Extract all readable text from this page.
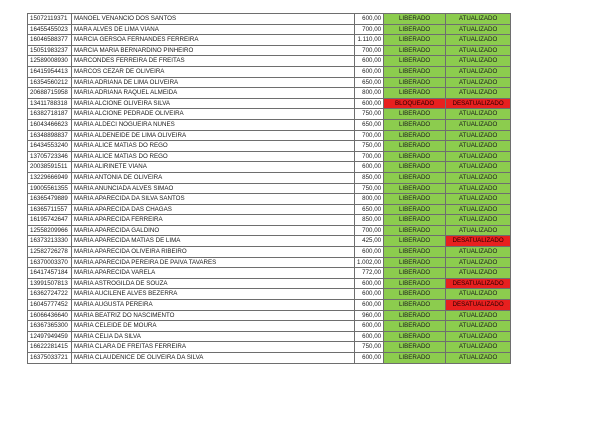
15072119371	MANOEL VENANCIO DOS SANTOS	600,00	LIBERADO	ATUALIZADO
16455455023	MARA ALVES DE LIMA VIANA	700,00	LIBERADO	ATUALIZADO
16046588377	MARCIA GERSOA FERNANDES FERREIRA	1.110,00	LIBERADO	ATUALIZADO
15051983237	MARCIA MARIA BERNARDINO PINHEIRO	700,00	LIBERADO	ATUALIZADO
12589008930	MARCONDES FERREIRA DE FREITAS	600,00	LIBERADO	ATUALIZADO
16415954413	MARCOS CEZAR DE OLIVEIRA	600,00	LIBERADO	ATUALIZADO
16354560212	MARIA ADRIANA DE LIMA OLIVEIRA	650,00	LIBERADO	ATUALIZADO
20688715958	MARIA ADRIANA RAQUEL ALMEIDA	800,00	LIBERADO	ATUALIZADO
13411788318	MARIA ALCIONE OLIVEIRA SILVA	600,00	BLOQUEADO	DESATUALIZADO
16382718187	MARIA ALCIONE PEDRADE OLIVEIRA	750,00	LIBERADO	ATUALIZADO
16043466623	MARIA ALDECI NOGUEIRA NUNES	650,00	LIBERADO	ATUALIZADO
16348898837	MARIA ALDENEIDE DE LIMA OLIVEIRA	700,00	LIBERADO	ATUALIZADO
16434553240	MARIA ALICE MATIAS DO REGO	750,00	LIBERADO	ATUALIZADO
13705723346	MARIA ALICE MATIAS DO REGO	700,00	LIBERADO	ATUALIZADO
20038591511	MARIA ALIRINETE VIANA	600,00	LIBERADO	ATUALIZADO
13229666949	MARIA ANTONIA DE OLIVEIRA	850,00	LIBERADO	ATUALIZADO
19005561355	MARIA ANUNCIADA ALVES SIMAO	750,00	LIBERADO	ATUALIZADO
16365479889	MARIA APARECIDA DA SILVA SANTOS	800,00	LIBERADO	ATUALIZADO
16365711557	MARIA APARECIDA DAS CHAGAS	650,00	LIBERADO	ATUALIZADO
16195742647	MARIA APARECIDA FERREIRA	850,00	LIBERADO	ATUALIZADO
12558209966	MARIA APARECIDA GALDINO	700,00	LIBERADO	ATUALIZADO
16373213330	MARIA APARECIDA MATIAS DE LIMA	425,00	LIBERADO	DESATUALIZADO
12582726278	MARIA APARECIDA OLIVEIRA RIBEIRO	600,00	LIBERADO	ATUALIZADO
16370003370	MARIA APARECIDA PEREIRA DE PAIVA TAVARES	1.002,00	LIBERADO	ATUALIZADO
16417457184	MARIA APARECIDA VARELA	772,00	LIBERADO	ATUALIZADO
13991507813	MARIA ASTROGILDA DE SOUZA	600,00	LIBERADO	DESATUALIZADO
16362724722	MARIA AUCILENE ALVES BEZERRA	600,00	LIBERADO	ATUALIZADO
16045777452	MARIA AUGUSTA PEREIRA	600,00	LIBERADO	DESATUALIZADO
16066436640	MARIA BEATRIZ DO NASCIMENTO	960,00	LIBERADO	ATUALIZADO
16367365300	MARIA CELEIDE DE MOURA	600,00	LIBERADO	ATUALIZADO
12497949459	MARIA CELIA DA SILVA	600,00	LIBERADO	ATUALIZADO
16622281415	MARIA CLARA DE FREITAS FERREIRA	750,00	LIBERADO	ATUALIZADO
16375033721	MARIA CLAUDENICE DE OLIVEIRA DA SILVA	600,00	LIBERADO	ATUALIZADO
